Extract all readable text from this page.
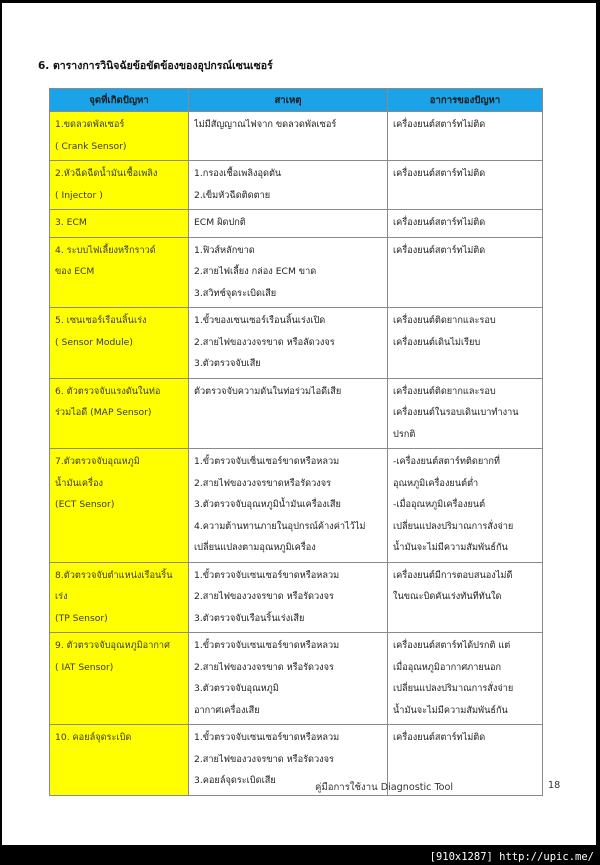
6. ตารางการวินิจฉัยข้อขัดข้องของอุปกรณ์เซนเซอร์
จุดที่เกิดปัญหา	สาเหตุ	อาการของปัญหา

1.ขดลวดพัลเซอร์
( Crank Sensor)	ไม่มีสัญญาณไฟจาก ขดลวดพัลเซอร์	เครื่องยนต์สตาร์ทไม่ติด

2.หัวฉีดฉีดน้ำมันเชื้อเพลิง
( Injector )	1.กรองเชื้อเพลิงอุดตัน
2.เข็มหัวฉีดติดตาย	เครื่องยนต์สตาร์ทไม่ติด

3. ECM	ECM ผิดปกติ	เครื่องยนต์สตาร์ทไม่ติด

4. ระบบไฟเลี้ยงหรีกราวด์
ของ ECM	1.ฟิวส์หลักขาด
2.สายไฟเลี้ยง กล่อง ECM ขาด
3.สวิทช์จุดระเบิดเสีย	เครื่องยนต์สตาร์ทไม่ติด

5. เซนเซอร์เรือนลิ้นเร่ง
( Sensor Module)	1.ขั้วของเซนเซอร์เรือนลิ้นเร่งเปิด
2.สายไฟของวงจรขาด หรือลัดวงจร
3.ตัวตรวจจับเสีย	เครื่องยนต์ติดยากและรอบ
เครื่องยนต์เดินไม่เรียบ

6. ตัวตรวจจับแรงดันในท่อ
ร่วมไอดี (MAP Sensor)	ตัวตรวจจับความดันในท่อร่วมไอดีเสีย	เครื่องยนต์ติดยากและรอบ
เครื่องยนต์ในรอบเดินเบาทำงาน
ปรกติ

7.ตัวตรวจจับอุณหภูมิ
น้ำมันเครื่อง
(ECT Sensor)	1.ขั้วตรวจจับเซ็นเซอร์ขาดหรือหลวม
2.สายไฟของวงจรขาดหรือรัดวงจร
3.ตัวตรวจจับอุณหภูมิน้ำมันเครื่องเสีย
4.ความต้านทานภายในอุปกรณ์ค้างค่าไว้ไม่
เปลี่ยนแปลงตามอุณหภูมิเครื่อง	-เครื่องยนต์สตาร์ทติดยากที่
อุณหภูมิเครื่องยนต์ต่ำ
-เมื่ออุณหภูมิเครื่องยนต์
เปลี่ยนแปลงปริมาณการสั่งจ่าย
น้ำมันจะไม่มีความสัมพันธ์กัน

8.ตัวตรวจจับตำแหน่งเรือนริ้น
เร่ง
(TP Sensor)	1.ขั้วตรวจจับเซนเซอร์ขาดหรือหลวม
2.สายไฟของวงจรขาด หรือรัดวงจร
3.ตัวตรวจจับเรือนริ้นเร่งเสีย	เครื่องยนต์มีการตอบสนองไม่ดี
ในขณะบิดคันเร่งทันทีทันใด

9. ตัวตรวจจับอุณหภูมิอากาศ
( IAT Sensor)	1.ขั้วตรวจจับเซนเซอร์ขาดหรือหลวม
2.สายไฟของวงจรขาด หรือรัดวงจร
3.ตัวตรวจจับอุณหภูมิ
อากาศเครื่องเสีย	เครื่องยนต์สตาร์ทได้ปรกติ แต่
เมื่ออุณหภูมิอากาศภายนอก
เปลี่ยนแปลงปริมาณการสั่งจ่าย
น้ำมันจะไม่มีความสัมพันธ์กัน

10. คอยล์จุดระเบิด	1.ขั้วตรวจจับเซนเซอร์ขาดหรือหลวม
2.สายไฟของวงจรขาด หรือรัดวงจร
3.คอยล์จุดระเบิดเสีย	เครื่องยนต์สตาร์ทไม่ติด
คู่มือการใช้งาน Diagnostic Tool	18
[910x1287] http://upic.me/
